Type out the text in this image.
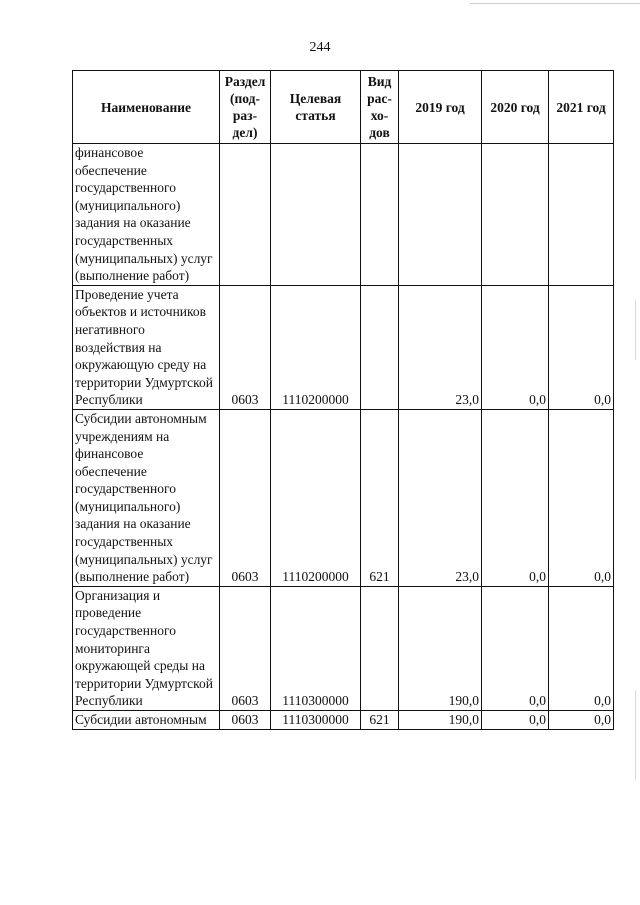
244
Наименование	Раздел (под-раз-дел)	Целевая статья	Вид рас-хо-дов	2019 год	2020 год	2021 год
финансовое обеспечение государственного (муниципального) задания на оказание государственных (муниципальных) услуг (выполнение работ)						
Проведение учета объектов и источников негативного воздействия на окружающую среду на территории Удмуртской Республики	0603	1110200000		23,0	0,0	0,0
Субсидии автономным учреждениям на финансовое обеспечение государственного (муниципального) задания на оказание государственных (муниципальных) услуг (выполнение работ)	0603	1110200000	621	23,0	0,0	0,0
Организация и проведение государственного мониторинга окружающей среды на территории Удмуртской Республики	0603	1110300000		190,0	0,0	0,0
Субсидии автономным	0603	1110300000	621	190,0	0,0	0,0
